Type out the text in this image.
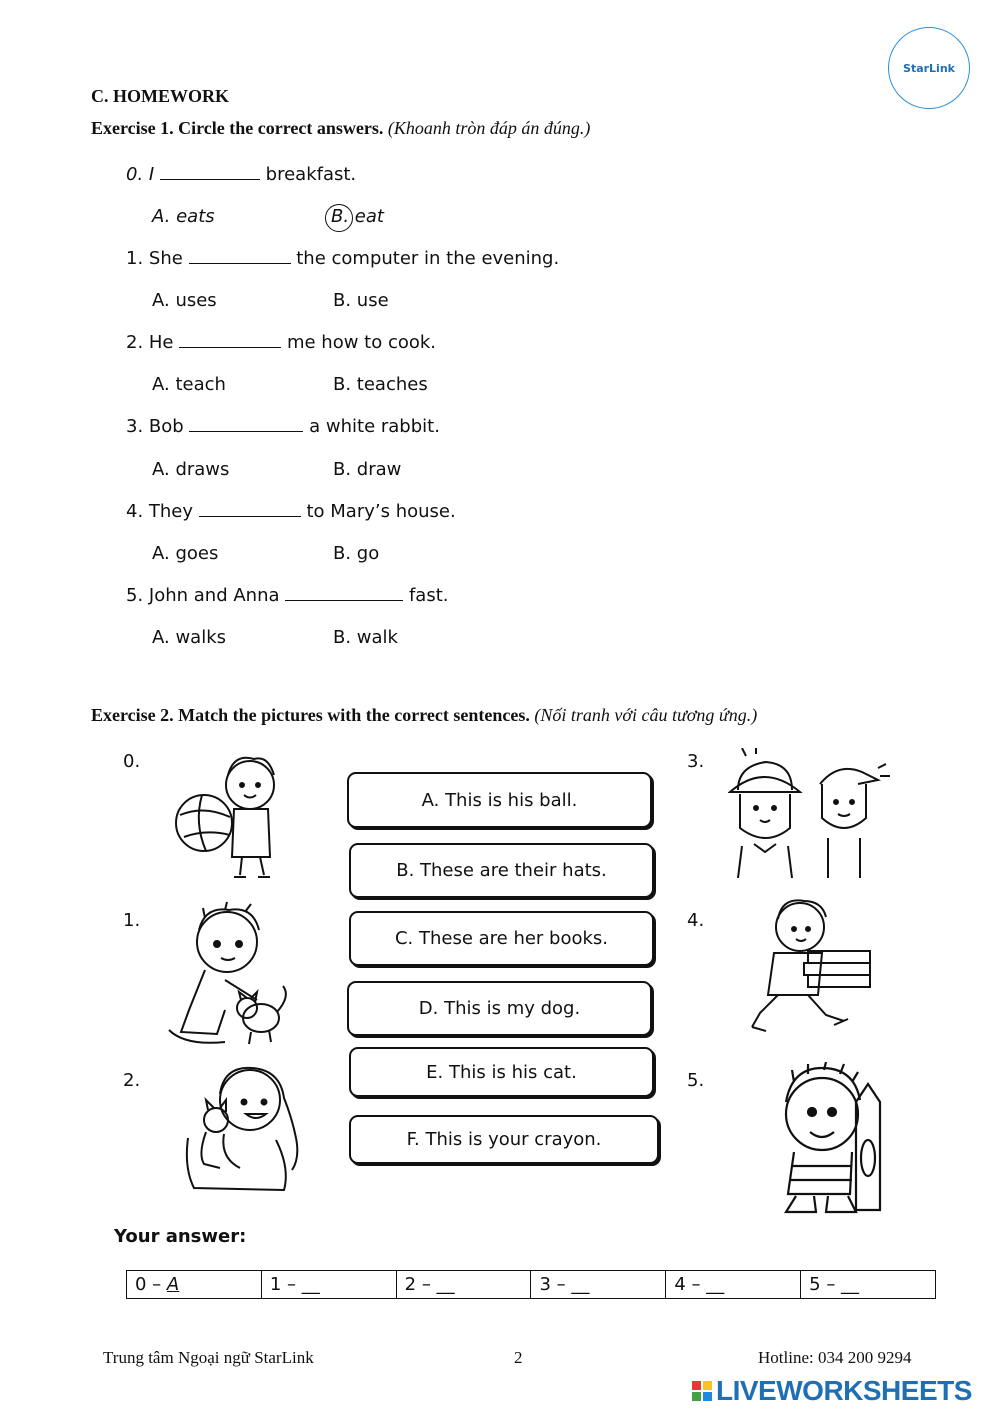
StarLink
C. HOMEWORK
Exercise 1. Circle the correct answers. (Khoanh tròn đáp án đúng.)
0. I	breakfast.
A. eats	B. eat
1. She	the computer in the evening.
A. uses	B. use
2. He	me how to cook.
A. teach	B. teaches
3. Bob	a white rabbit.
A. draws	B. draw
4. They	to Mary’s house.
A. goes	B. go
5. John and Anna	fast.
A. walks	B. walk
Exercise 2. Match the pictures with the correct sentences. (Nối tranh với câu tương ứng.)
0.
1.
2.
3.
4.
5.
A. This is his ball.
B. These are their hats.
C. These are her books.
D. This is my dog.
E. This is his cat.
F. This is your crayon.
Your answer:
0 – A	1 – __	2 – __	3 – __	4 – __	5 – __
Trung tâm Ngoại ngữ StarLink	2	Hotline: 034 200 9294
LIVEWORKSHEETS
